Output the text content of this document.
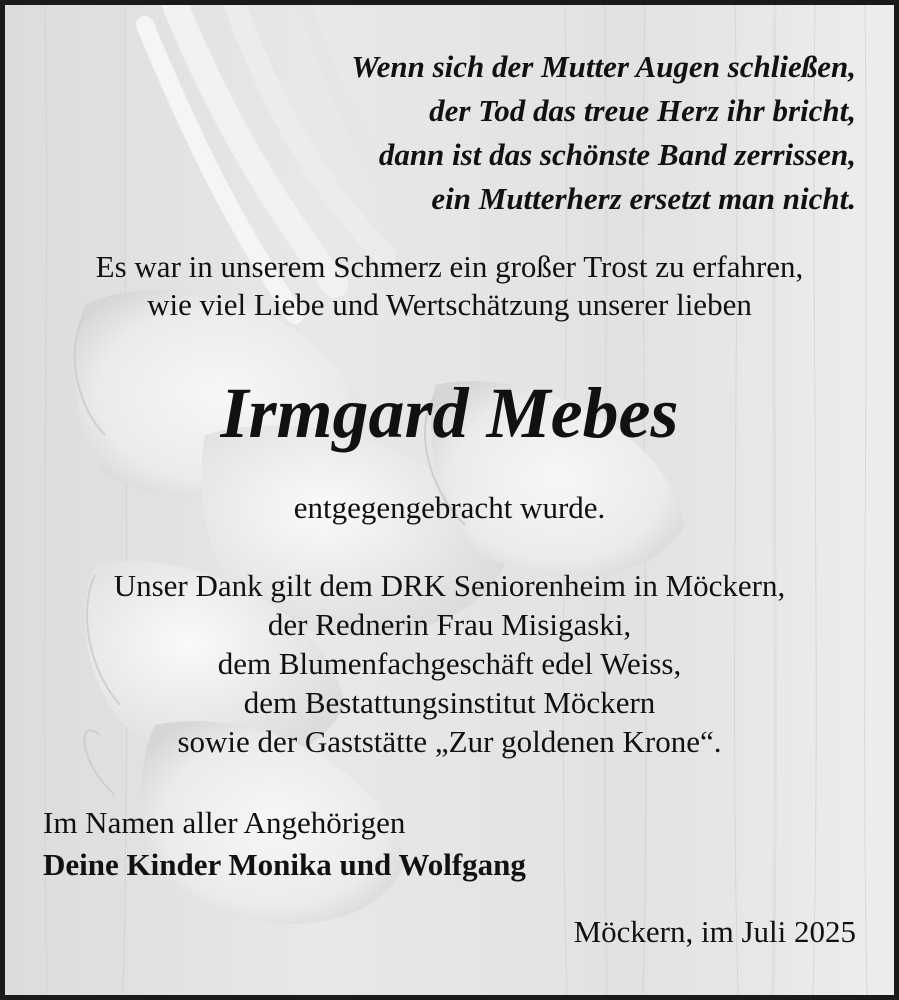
Wenn sich der Mutter Augen schließen,
der Tod das treue Herz ihr bricht,
dann ist das schönste Band zerrissen,
ein Mutterherz ersetzt man nicht.
Es war in unserem Schmerz ein großer Trost zu erfahren,
wie viel Liebe und Wertschätzung unserer lieben
Irmgard Mebes
entgegengebracht wurde.
Unser Dank gilt dem DRK Seniorenheim in Möckern,
der Rednerin Frau Misigaski,
dem Blumenfachgeschäft edel Weiss,
dem Bestattungsinstitut Möckern
sowie der Gaststätte „Zur goldenen Krone“.
Im Namen aller Angehörigen
Deine Kinder Monika und Wolfgang
Möckern, im Juli 2025
